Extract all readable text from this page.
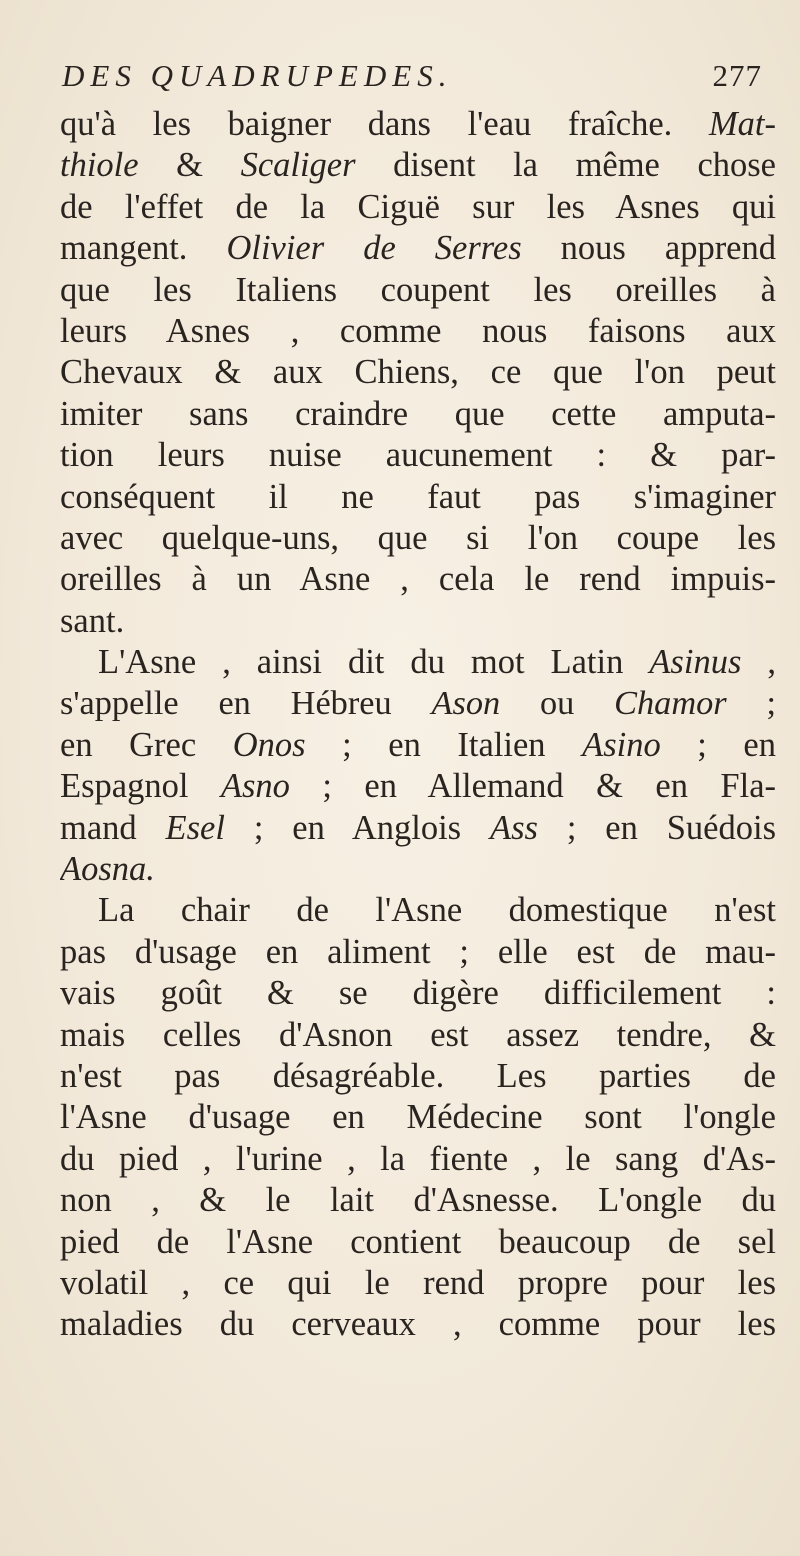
DES QUADRUPEDES.	277
qu'à les baigner dans l'eau fraîche. Mat-
thiole & Scaliger disent la même chose
de l'effet de la Ciguë sur les Asnes qui
mangent. Olivier de Serres nous apprend
que les Italiens coupent les oreilles à
leurs Asnes , comme nous faisons aux
Chevaux & aux Chiens, ce que l'on peut
imiter sans craindre que cette amputa-
tion leurs nuise aucunement : & par-
conséquent il ne faut pas s'imaginer
avec quelque-uns, que si l'on coupe les
oreilles à un Asne , cela le rend impuis-
sant.
L'Asne , ainsi dit du mot Latin Asinus ,
s'appelle en Hébreu Ason ou Chamor ;
en Grec Onos ; en Italien Asino ; en
Espagnol Asno ; en Allemand & en Fla-
mand Esel ; en Anglois Ass ; en Suédois
Aosna.
La chair de l'Asne domestique n'est
pas d'usage en aliment ; elle est de mau-
vais goût & se digère difficilement :
mais celles d'Asnon est assez tendre, &
n'est pas désagréable. Les parties de
l'Asne d'usage en Médecine sont l'ongle
du pied , l'urine , la fiente , le sang d'As-
non , & le lait d'Asnesse. L'ongle du
pied de l'Asne contient beaucoup de sel
volatil , ce qui le rend propre pour les
maladies du cerveaux , comme pour les
